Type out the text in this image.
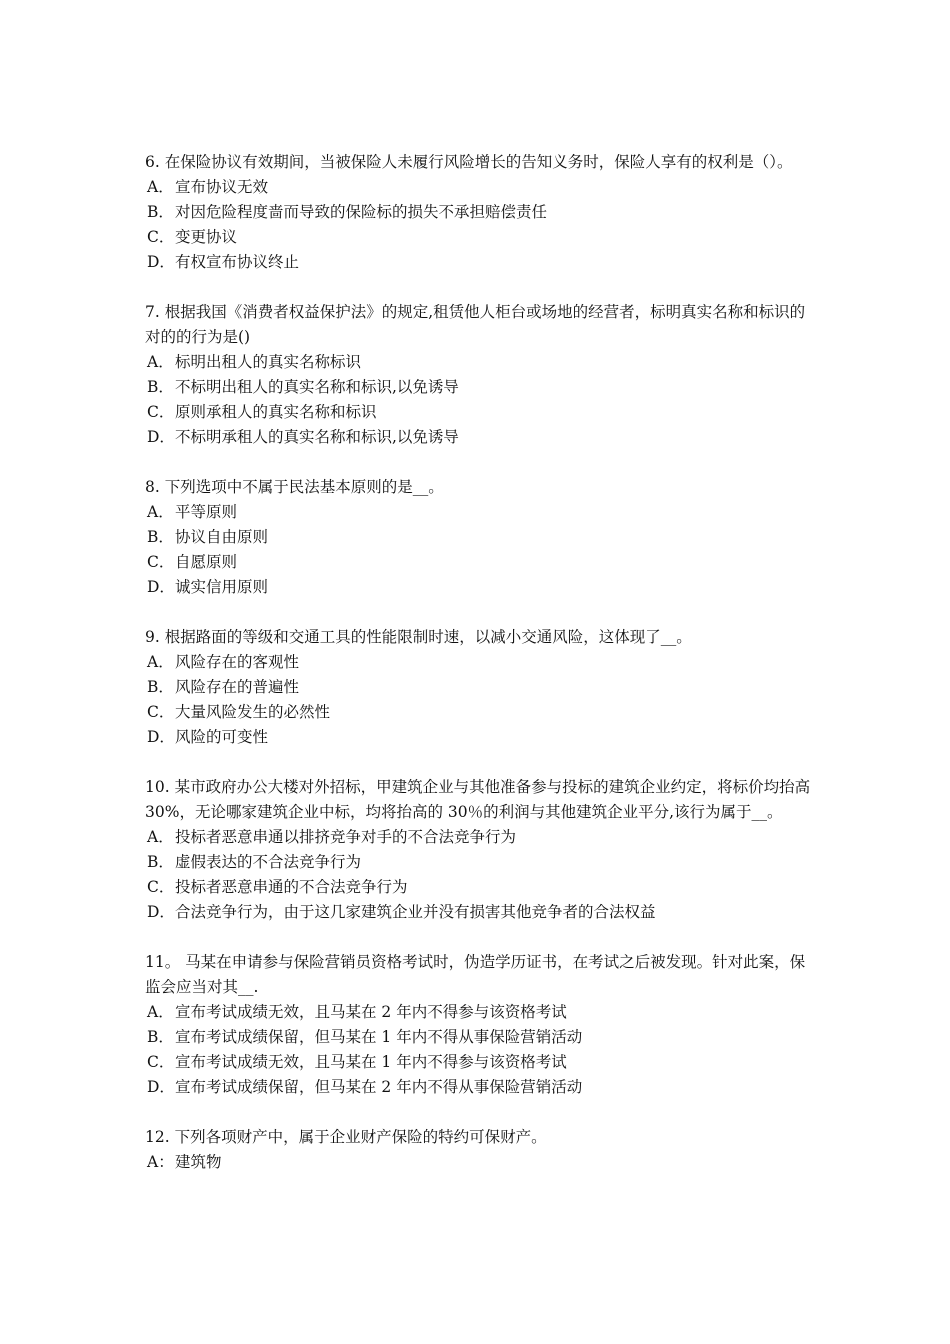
6. 在保险协议有效期间，当被保险人未履行风险增长的告知义务时，保险人享有的权利是（）。

A．宣布协议无效
B．对因危险程度啬而导致的保险标的损失不承担赔偿责任
C．变更协议
D．有权宣布协议终止

7. 根据我国《消费者权益保护法》的规定,租赁他人柜台或场地的经营者，标明真实名称和标识的对的的行为是()

A．标明出租人的真实名称标识
B．不标明出租人的真实名称和标识,以免诱导
C．原则承租人的真实名称和标识
D．不标明承租人的真实名称和标识,以免诱导

8. 下列选项中不属于民法基本原则的是__。

A．平等原则
B．协议自由原则
C．自愿原则
D．诚实信用原则

9. 根据路面的等级和交通工具的性能限制时速，以减小交通风险，这体现了__。

A．风险存在的客观性
B．风险存在的普遍性
C．大量风险发生的必然性
D．风险的可变性

10. 某市政府办公大楼对外招标，甲建筑企业与其他准备参与投标的建筑企业约定，将标价均抬高 30%，无论哪家建筑企业中标，均将抬高的 30％的利润与其他建筑企业平分,该行为属于__。

A．投标者恶意串通以排挤竞争对手的不合法竞争行为
B．虚假表达的不合法竞争行为
C．投标者恶意串通的不合法竞争行为
D．合法竞争行为，由于这几家建筑企业并没有损害其他竞争者的合法权益

11。 马某在申请参与保险营销员资格考试时，伪造学历证书，在考试之后被发现。针对此案，保监会应当对其__.

A．宣布考试成绩无效，且马某在 2 年内不得参与该资格考试
B．宣布考试成绩保留，但马某在 1 年内不得从事保险营销活动
C．宣布考试成绩无效，且马某在 1 年内不得参与该资格考试
D．宣布考试成绩保留，但马某在 2 年内不得从事保险营销活动

12. 下列各项财产中，属于企业财产保险的特约可保财产。

A：建筑物
